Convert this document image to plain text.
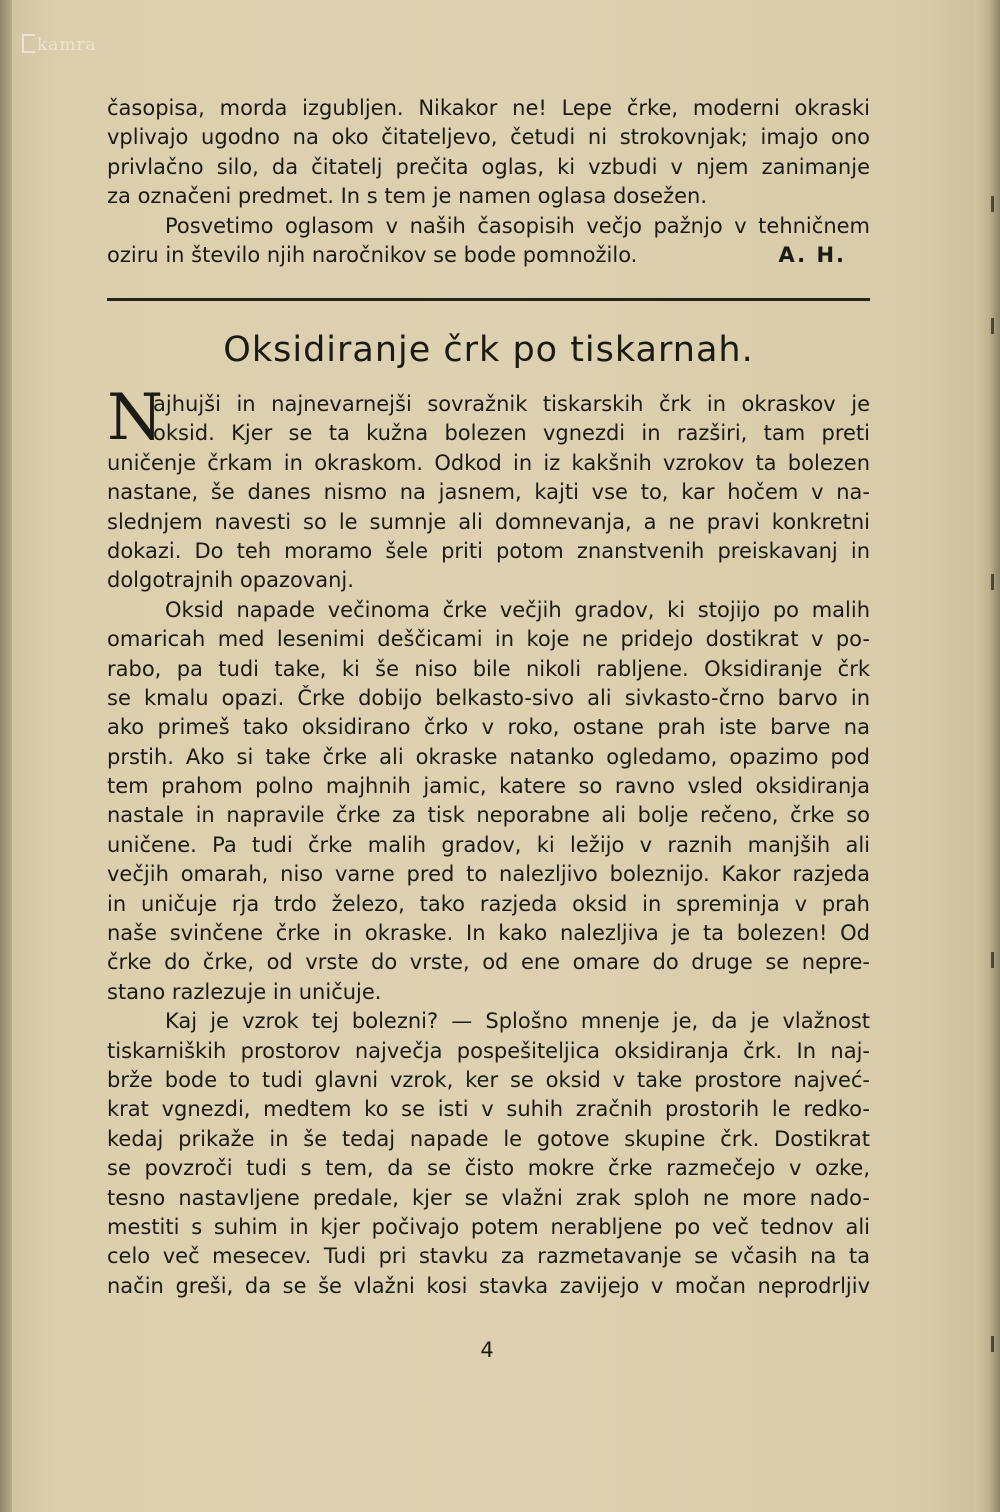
kamra
časopisa, morda izgubljen. Nikakor ne! Lepe črke, moderni okraski
vplivajo ugodno na oko čitateljevo, četudi ni strokovnjak; imajo ono
privlačno silo, da čitatelj prečita oglas, ki vzbudi v njem zanimanje
za označeni predmet. In s tem je namen oglasa dosežen.
Posvetimo oglasom v naših časopisih večjo pažnjo v tehničnem
oziru in število njih naročnikov se bode pomnožilo.	A. H.
Oksidiranje črk po tiskarnah.
N
ajhujši in najnevarnejši sovražnik tiskarskih črk in okraskov je
oksid. Kjer se ta kužna bolezen vgnezdi in razširi, tam preti
uničenje črkam in okraskom. Odkod in iz kakšnih vzrokov ta bolezen
nastane, še danes nismo na jasnem, kajti vse to, kar hočem v na-
slednjem navesti so le sumnje ali domnevanja, a ne pravi konkretni
dokazi. Do teh moramo šele priti potom znanstvenih preiskavanj in
dolgotrajnih opazovanj.
Oksid napade večinoma črke večjih gradov, ki stojijo po malih
omaricah med lesenimi deščicami in koje ne pridejo dostikrat v po-
rabo, pa tudi take, ki še niso bile nikoli rabljene. Oksidiranje črk
se kmalu opazi. Črke dobijo belkasto-sivo ali sivkasto-črno barvo in
ako primeš tako oksidirano črko v roko, ostane prah iste barve na
prstih. Ako si take črke ali okraske natanko ogledamo, opazimo pod
tem prahom polno majhnih jamic, katere so ravno vsled oksidiranja
nastale in napravile črke za tisk neporabne ali bolje rečeno, črke so
uničene. Pa tudi črke malih gradov, ki ležijo v raznih manjših ali
večjih omarah, niso varne pred to nalezljivo boleznijo. Kakor razjeda
in uničuje rja trdo železo, tako razjeda oksid in spreminja v prah
naše svinčene črke in okraske. In kako nalezljiva je ta bolezen! Od
črke do črke, od vrste do vrste, od ene omare do druge se nepre-
stano razlezuje in uničuje.
Kaj je vzrok tej bolezni? — Splošno mnenje je, da je vlažnost
tiskarniških prostorov največja pospešiteljica oksidiranja črk. In naj-
brže bode to tudi glavni vzrok, ker se oksid v take prostore najveć-
krat vgnezdi, medtem ko se isti v suhih zračnih prostorih le redko-
kedaj prikaže in še tedaj napade le gotove skupine črk. Dostikrat
se povzroči tudi s tem, da se čisto mokre črke razmečejo v ozke,
tesno nastavljene predale, kjer se vlažni zrak sploh ne more nado-
mestiti s suhim in kjer počivajo potem nerabljene po več tednov ali
celo več mesecev. Tudi pri stavku za razmetavanje se včasih na ta
način greši, da se še vlažni kosi stavka zavijejo v močan neprodrljiv
4
